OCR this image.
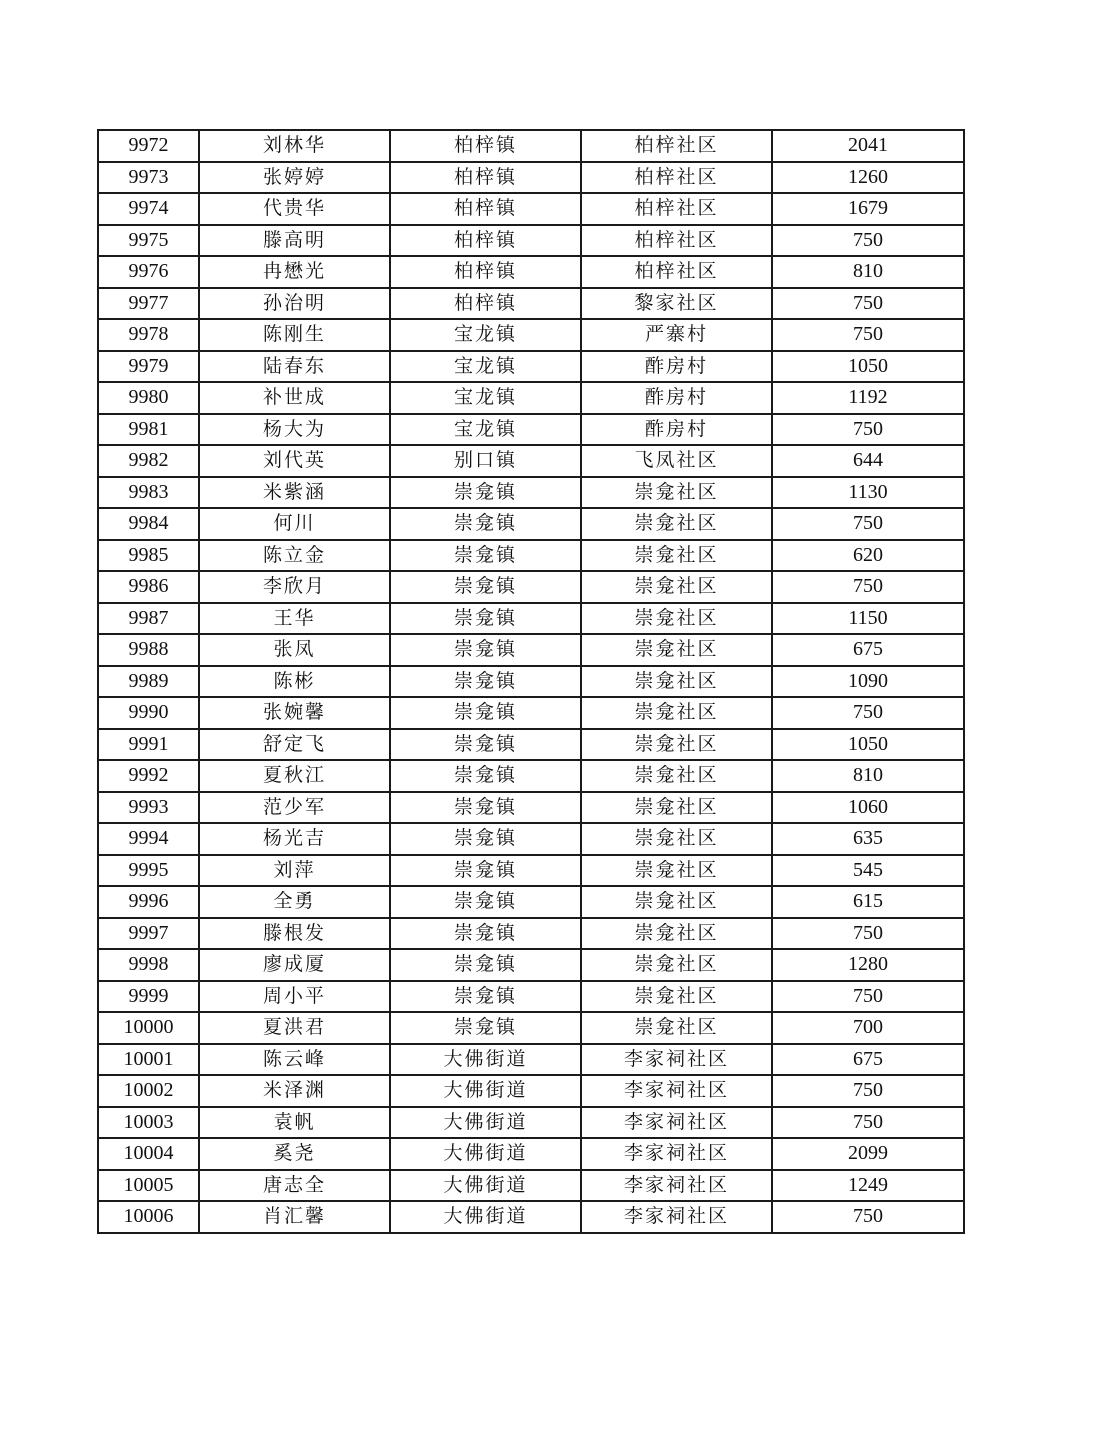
9972	刘林华	柏梓镇	柏梓社区	2041
9973	张婷婷	柏梓镇	柏梓社区	1260
9974	代贵华	柏梓镇	柏梓社区	1679
9975	滕高明	柏梓镇	柏梓社区	750
9976	冉懋光	柏梓镇	柏梓社区	810
9977	孙治明	柏梓镇	黎家社区	750
9978	陈刚生	宝龙镇	严寨村	750
9979	陆春东	宝龙镇	酢房村	1050
9980	补世成	宝龙镇	酢房村	1192
9981	杨大为	宝龙镇	酢房村	750
9982	刘代英	别口镇	飞凤社区	644
9983	米紫涵	崇龛镇	崇龛社区	1130
9984	何川	崇龛镇	崇龛社区	750
9985	陈立金	崇龛镇	崇龛社区	620
9986	李欣月	崇龛镇	崇龛社区	750
9987	王华	崇龛镇	崇龛社区	1150
9988	张凤	崇龛镇	崇龛社区	675
9989	陈彬	崇龛镇	崇龛社区	1090
9990	张婉馨	崇龛镇	崇龛社区	750
9991	舒定飞	崇龛镇	崇龛社区	1050
9992	夏秋江	崇龛镇	崇龛社区	810
9993	范少军	崇龛镇	崇龛社区	1060
9994	杨光吉	崇龛镇	崇龛社区	635
9995	刘萍	崇龛镇	崇龛社区	545
9996	全勇	崇龛镇	崇龛社区	615
9997	滕根发	崇龛镇	崇龛社区	750
9998	廖成厦	崇龛镇	崇龛社区	1280
9999	周小平	崇龛镇	崇龛社区	750
10000	夏洪君	崇龛镇	崇龛社区	700
10001	陈云峰	大佛街道	李家祠社区	675
10002	米泽渊	大佛街道	李家祠社区	750
10003	袁帆	大佛街道	李家祠社区	750
10004	奚尧	大佛街道	李家祠社区	2099
10005	唐志全	大佛街道	李家祠社区	1249
10006	肖汇馨	大佛街道	李家祠社区	750
